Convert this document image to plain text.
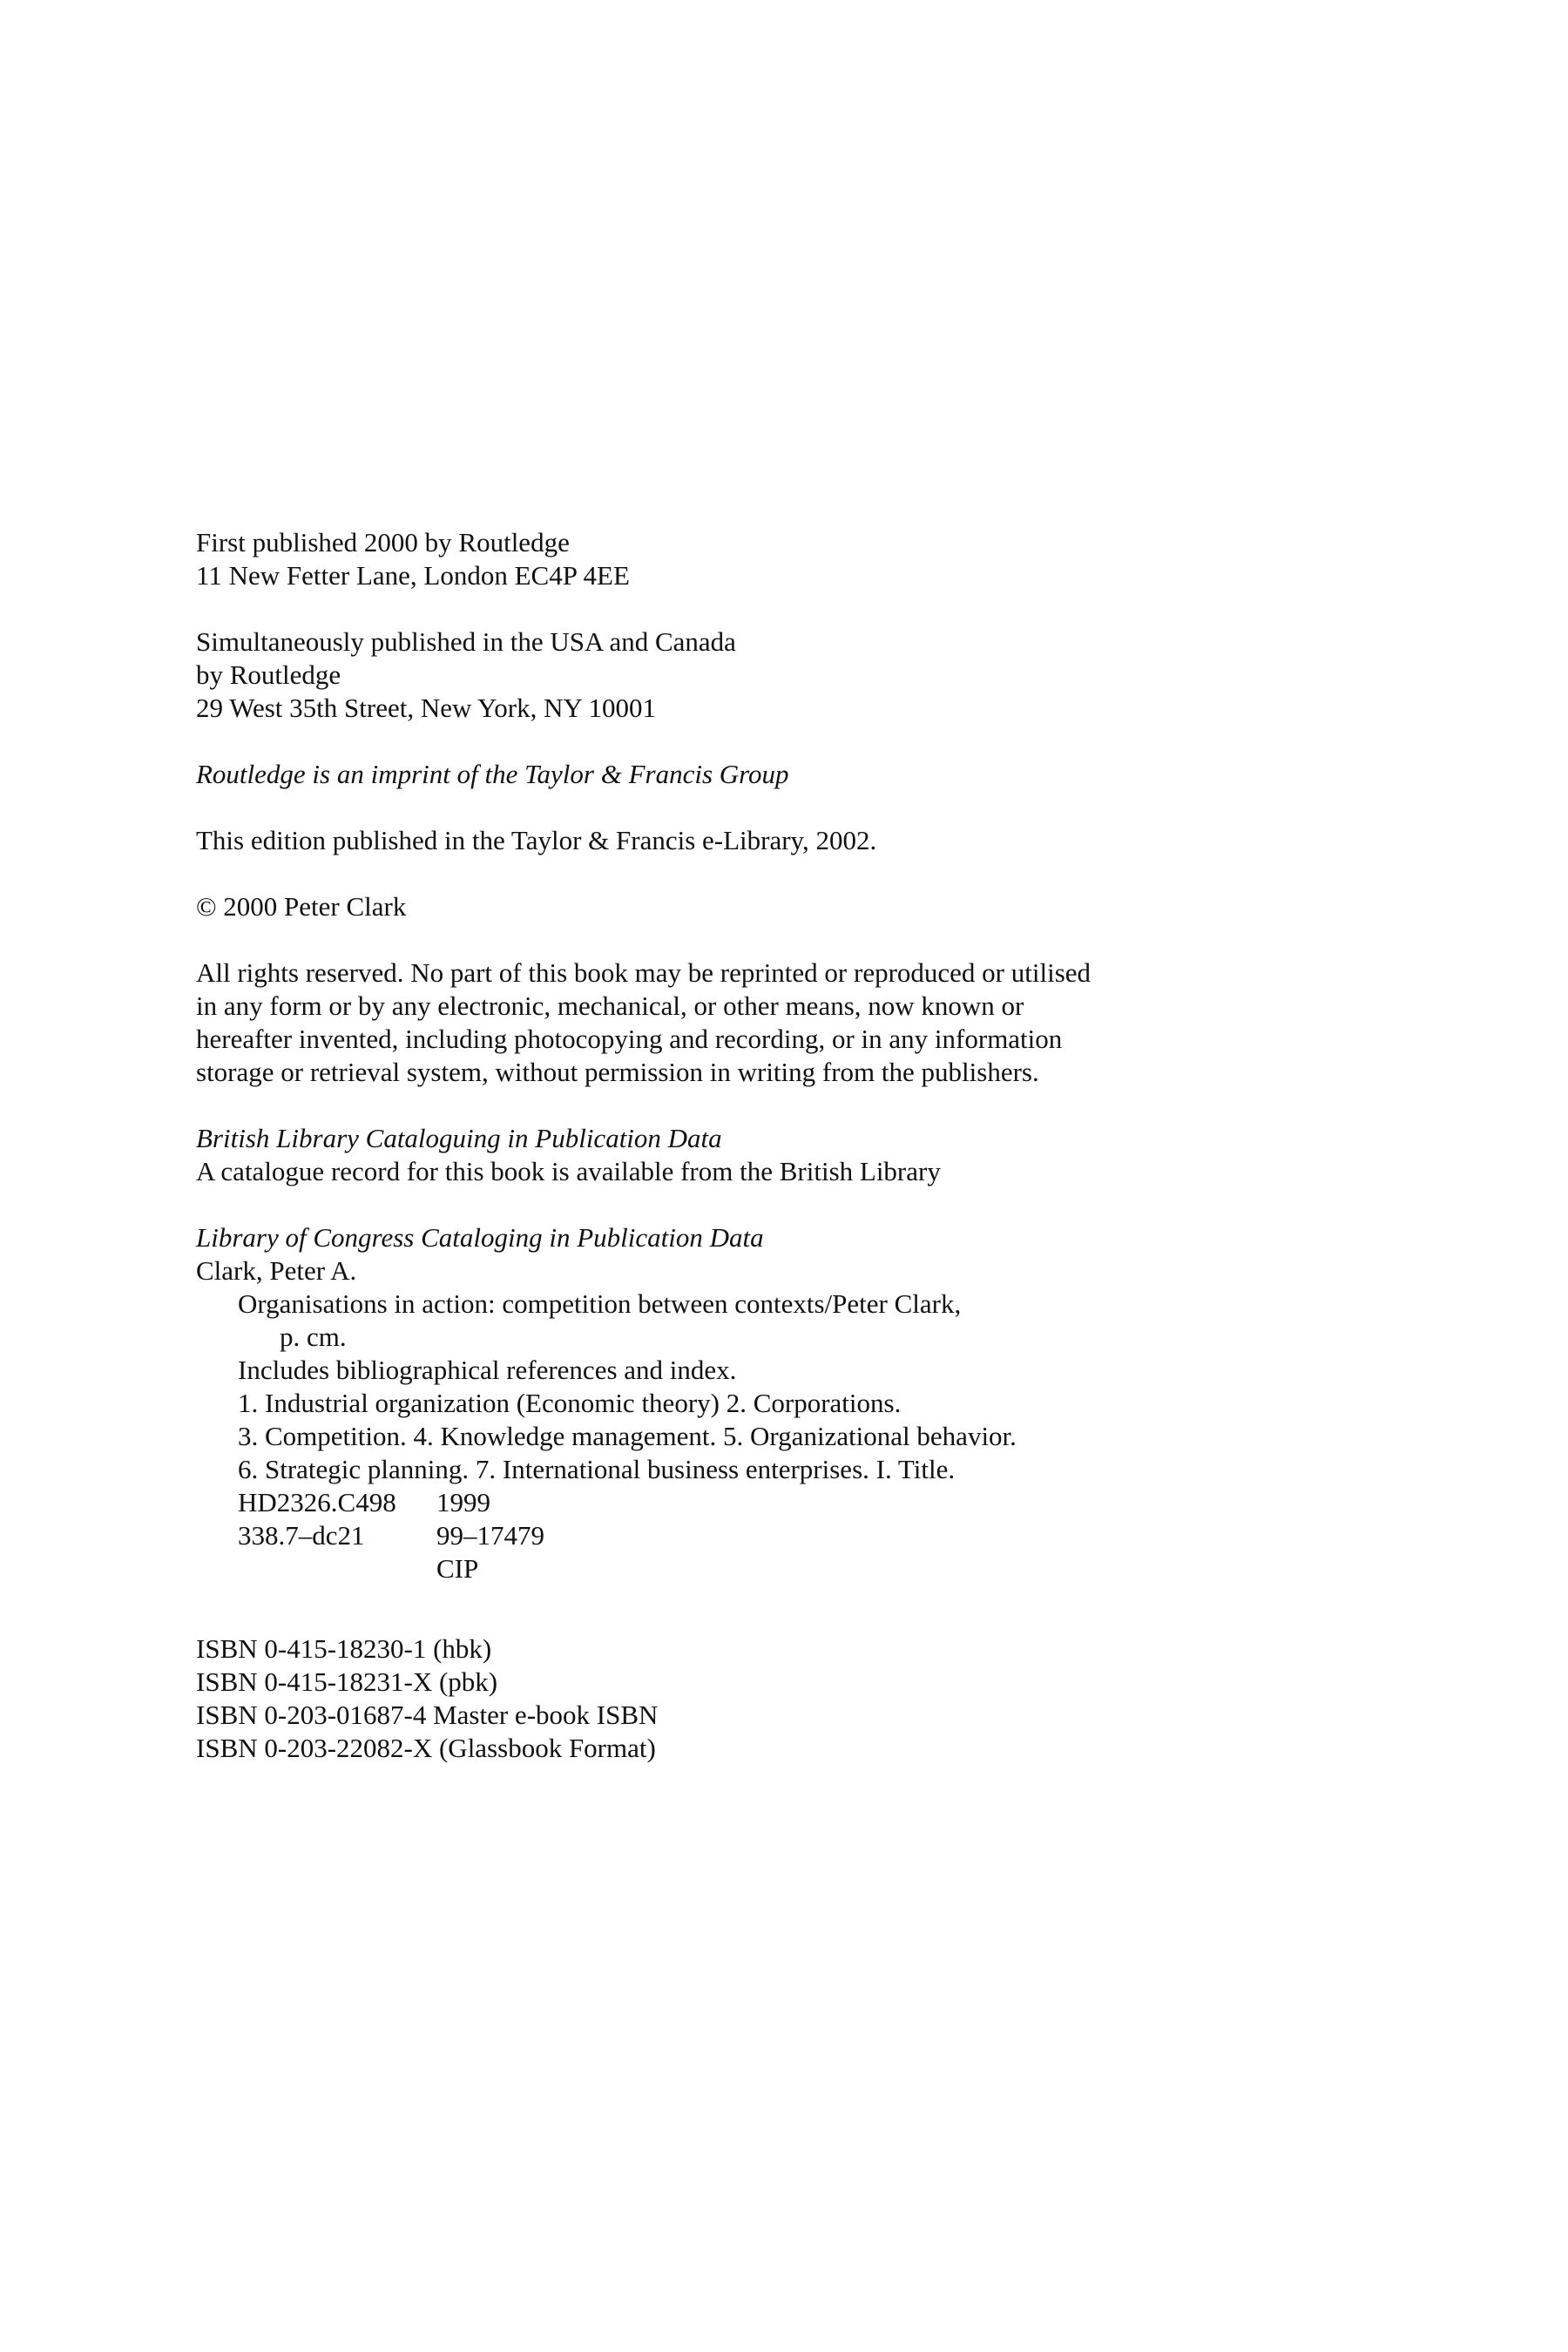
First published 2000 by Routledge
11 New Fetter Lane, London EC4P 4EE
Simultaneously published in the USA and Canada
by Routledge
29 West 35th Street, New York, NY 10001
Routledge is an imprint of the Taylor & Francis Group
This edition published in the Taylor & Francis e-Library, 2002.
© 2000 Peter Clark
All rights reserved. No part of this book may be reprinted or reproduced or utilised
in any form or by any electronic, mechanical, or other means, now known or
hereafter invented, including photocopying and recording, or in any information
storage or retrieval system, without permission in writing from the publishers.
British Library Cataloguing in Publication Data
A catalogue record for this book is available from the British Library
Library of Congress Cataloging in Publication Data
Clark, Peter A.
Organisations in action: competition between contexts/Peter Clark,
p. cm.
Includes bibliographical references and index.
1. Industrial organization (Economic theory) 2. Corporations.
3. Competition. 4. Knowledge management. 5. Organizational behavior.
6. Strategic planning. 7. International business enterprises. I. Title.
HD2326.C498	1999
338.7–dc21	99–17479
CIP
ISBN 0-415-18230-1 (hbk)
ISBN 0-415-18231-X (pbk)
ISBN 0-203-01687-4 Master e-book ISBN
ISBN 0-203-22082-X (Glassbook Format)
